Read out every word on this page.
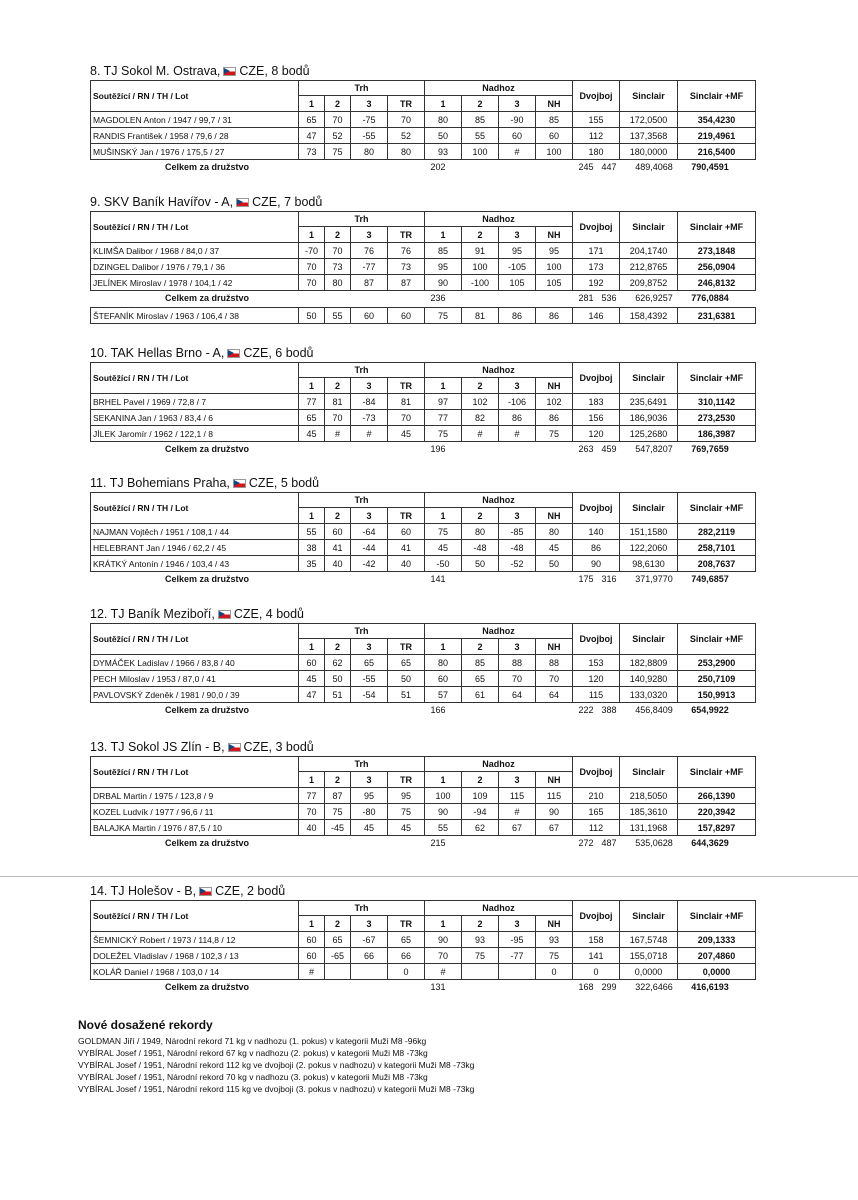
8. TJ Sokol M. Ostrava, CZE, 8 bodů
Soutěžící / RN / TH / Lot	Trh				Nadhoz				Dvojboj	Sinclair	Sinclair +MF
	1	2	3	TR	1	2	3	NH			
MAGDOLEN Anton / 1947 / 99,7 / 31	65	70	-75	70	80	85	-90	85	155	172,0500	354,4230
RANDIS František / 1958 / 79,6 / 28	47	52	-55	52	50	55	60	60	112	137,3568	219,4961
MUŠINSKÝ Jan / 1976 / 175,5 / 27	73	75	80	80	93	100	#	100	180	180,0000	216,5400
Celkem za družstvo	202	245 447	489,4068	790,4591
9. SKV Baník Havířov - A, CZE, 7 bodů
Soutěžící / RN / TH / Lot	Trh				Nadhoz				Dvojboj	Sinclair	Sinclair +MF
	1	2	3	TR	1	2	3	NH			
KLIMŠA Dalibor / 1968 / 84,0 / 37	-70	70	76	76	85	91	95	95	171	204,1740	273,1848
DZINGEL Dalibor / 1976 / 79,1 / 36	70	73	-77	73	95	100	-105	100	173	212,8765	256,0904
JELÍNEK Miroslav / 1978 / 104,1 / 42	70	80	87	87	90	-100	105	105	192	209,8752	246,8132
Celkem za družstvo	236	281 536	626,9257	776,0884
ŠTEFANÍK Miroslav / 1963 / 106,4 / 38	50	55	60	60	75	81	86	86	146	158,4392	231,6381
10. TAK Hellas Brno - A, CZE, 6 bodů
Soutěžící / RN / TH / Lot	Trh				Nadhoz				Dvojboj	Sinclair	Sinclair +MF
	1	2	3	TR	1	2	3	NH			
BRHEL Pavel / 1969 / 72,8 / 7	77	81	-84	81	97	102	-106	102	183	235,6491	310,1142
SEKANINA Jan / 1963 / 83,4 / 6	65	70	-73	70	77	82	86	86	156	186,9036	273,2530
JÍLEK Jaromír / 1962 / 122,1 / 8	45	#	#	45	75	#	#	75	120	125,2680	186,3987
Celkem za družstvo	196	263 459	547,8207	769,7659
11. TJ Bohemians Praha, CZE, 5 bodů
Soutěžící / RN / TH / Lot	Trh				Nadhoz				Dvojboj	Sinclair	Sinclair +MF
	1	2	3	TR	1	2	3	NH			
NAJMAN Vojtěch / 1951 / 108,1 / 44	55	60	-64	60	75	80	-85	80	140	151,1580	282,2119
HELEBRANT Jan / 1946 / 62,2 / 45	38	41	-44	41	45	-48	-48	45	86	122,2060	258,7101
KRÁTKÝ Antonín / 1946 / 103,4 / 43	35	40	-42	40	-50	50	-52	50	90	98,6130	208,7637
Celkem za družstvo	141	175 316	371,9770	749,6857
12. TJ Baník Meziboří, CZE, 4 bodů
Soutěžící / RN / TH / Lot	Trh				Nadhoz				Dvojboj	Sinclair	Sinclair +MF
	1	2	3	TR	1	2	3	NH			
DYMÁČEK Ladislav / 1966 / 83,8 / 40	60	62	65	65	80	85	88	88	153	182,8809	253,2900
PECH Miloslav / 1953 / 87,0 / 41	45	50	-55	50	60	65	70	70	120	140,9280	250,7109
PAVLOVSKÝ Zdeněk / 1981 / 90,0 / 39	47	51	-54	51	57	61	64	64	115	133,0320	150,9913
Celkem za družstvo	166	222 388	456,8409	654,9922
13. TJ Sokol JS Zlín - B, CZE, 3 bodů
Soutěžící / RN / TH / Lot	Trh				Nadhoz				Dvojboj	Sinclair	Sinclair +MF
	1	2	3	TR	1	2	3	NH			
DRBAL Martin / 1975 / 123,8 / 9	77	87	95	95	100	109	115	115	210	218,5050	266,1390
KOZEL Ludvík / 1977 / 96,6 / 11	70	75	-80	75	90	-94	#	90	165	185,3610	220,3942
BALAJKA Martin / 1976 / 87,5 / 10	40	-45	45	45	55	62	67	67	112	131,1968	157,8297
Celkem za družstvo	215	272 487	535,0628	644,3629
14. TJ Holešov - B, CZE, 2 bodů
Soutěžící / RN / TH / Lot	Trh				Nadhoz				Dvojboj	Sinclair	Sinclair +MF
	1	2	3	TR	1	2	3	NH			
ŠEMNICKÝ Robert / 1973 / 114,8 / 12	60	65	-67	65	90	93	-95	93	158	167,5748	209,1333
DOLEŽEL Vladislav / 1968 / 102,3 / 13	60	-65	66	66	70	75	-77	75	141	155,0718	207,4860
KOLÁŘ Daniel / 1968 / 103,0 / 14	#			0	#			0	0	0,0000	0,0000
Celkem za družstvo	131	168 299	322,6466	416,6193
Nové dosažené rekordy
GOLDMAN Jiří / 1949, Národní rekord 71 kg v nadhozu (1. pokus) v kategorii Muži M8 -96kg
VYBÍRAL Josef / 1951, Národní rekord 67 kg v nadhozu (2. pokus) v kategorii Muži M8 -73kg
VYBÍRAL Josef / 1951, Národní rekord 112 kg ve dvojboji (2. pokus v nadhozu) v kategorii Muži M8 -73kg
VYBÍRAL Josef / 1951, Národní rekord 70 kg v nadhozu (3. pokus) v kategorii Muži M8 -73kg
VYBÍRAL Josef / 1951, Národní rekord 115 kg ve dvojboji (3. pokus v nadhozu) v kategorii Muži M8 -73kg
